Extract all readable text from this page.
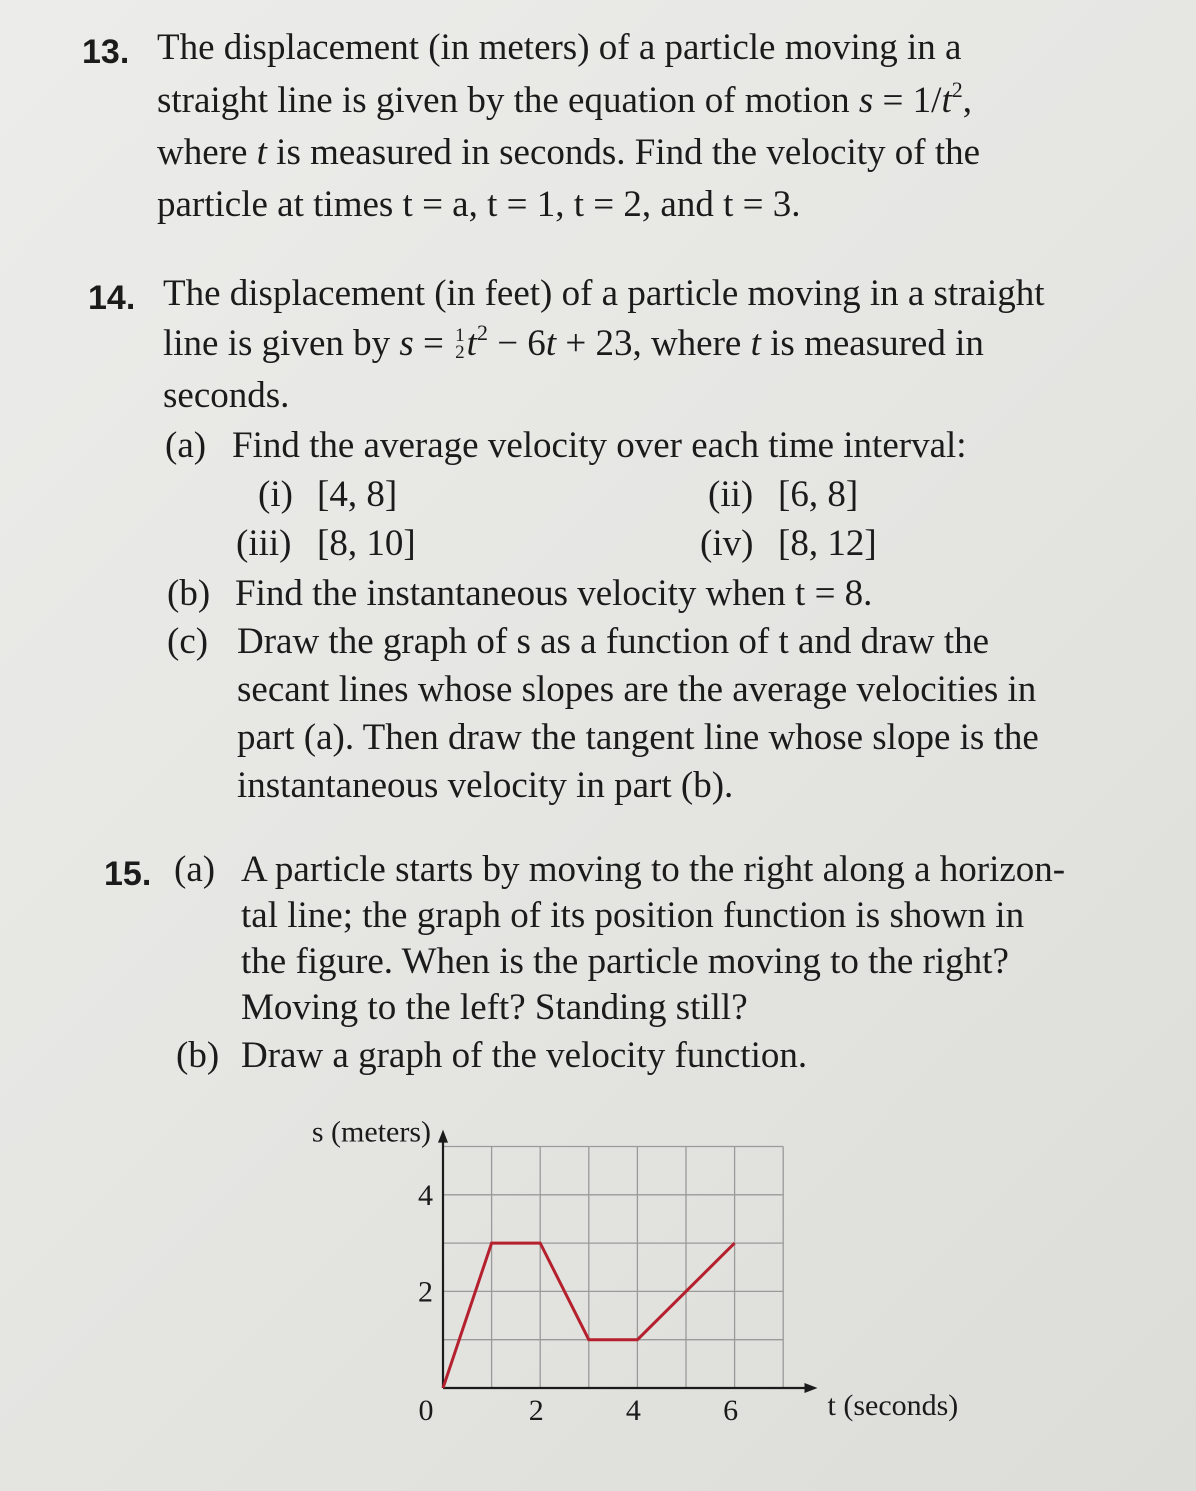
13. The displacement (in meters) of a particle moving in a
straight line is given by the equation of motion $s = 1/t^2$,
where t is measured in seconds. Find the velocity of the
particle at times t = a, t = 1, t = 2, and t = 3.
14. The displacement (in feet) of a particle moving in a straight
line is given by s = 1
2 $t^2 - 6t + 23$, where t is measured in
seconds.
(a) Find the average velocity over each time interval:
(i) [4, 8]	(ii) [6, 8]
(iii) [8, 10]	(iv) [8, 12]
(b) Find the instantaneous velocity when t = 8.
(c) Draw the graph of s as a function of t and draw the
secant lines whose slopes are the average velocities in
part (a). Then draw the tangent line whose slope is the
instantaneous velocity in part (b).
15. (a) A particle starts by moving to the right along a horizon-
tal line; the graph of its position function is shown in
the figure. When is the particle moving to the right?
Moving to the left? Standing still?
(b) Draw a graph of the velocity function.
0	2	4	6
2
4
s (meters)
t (seconds)
